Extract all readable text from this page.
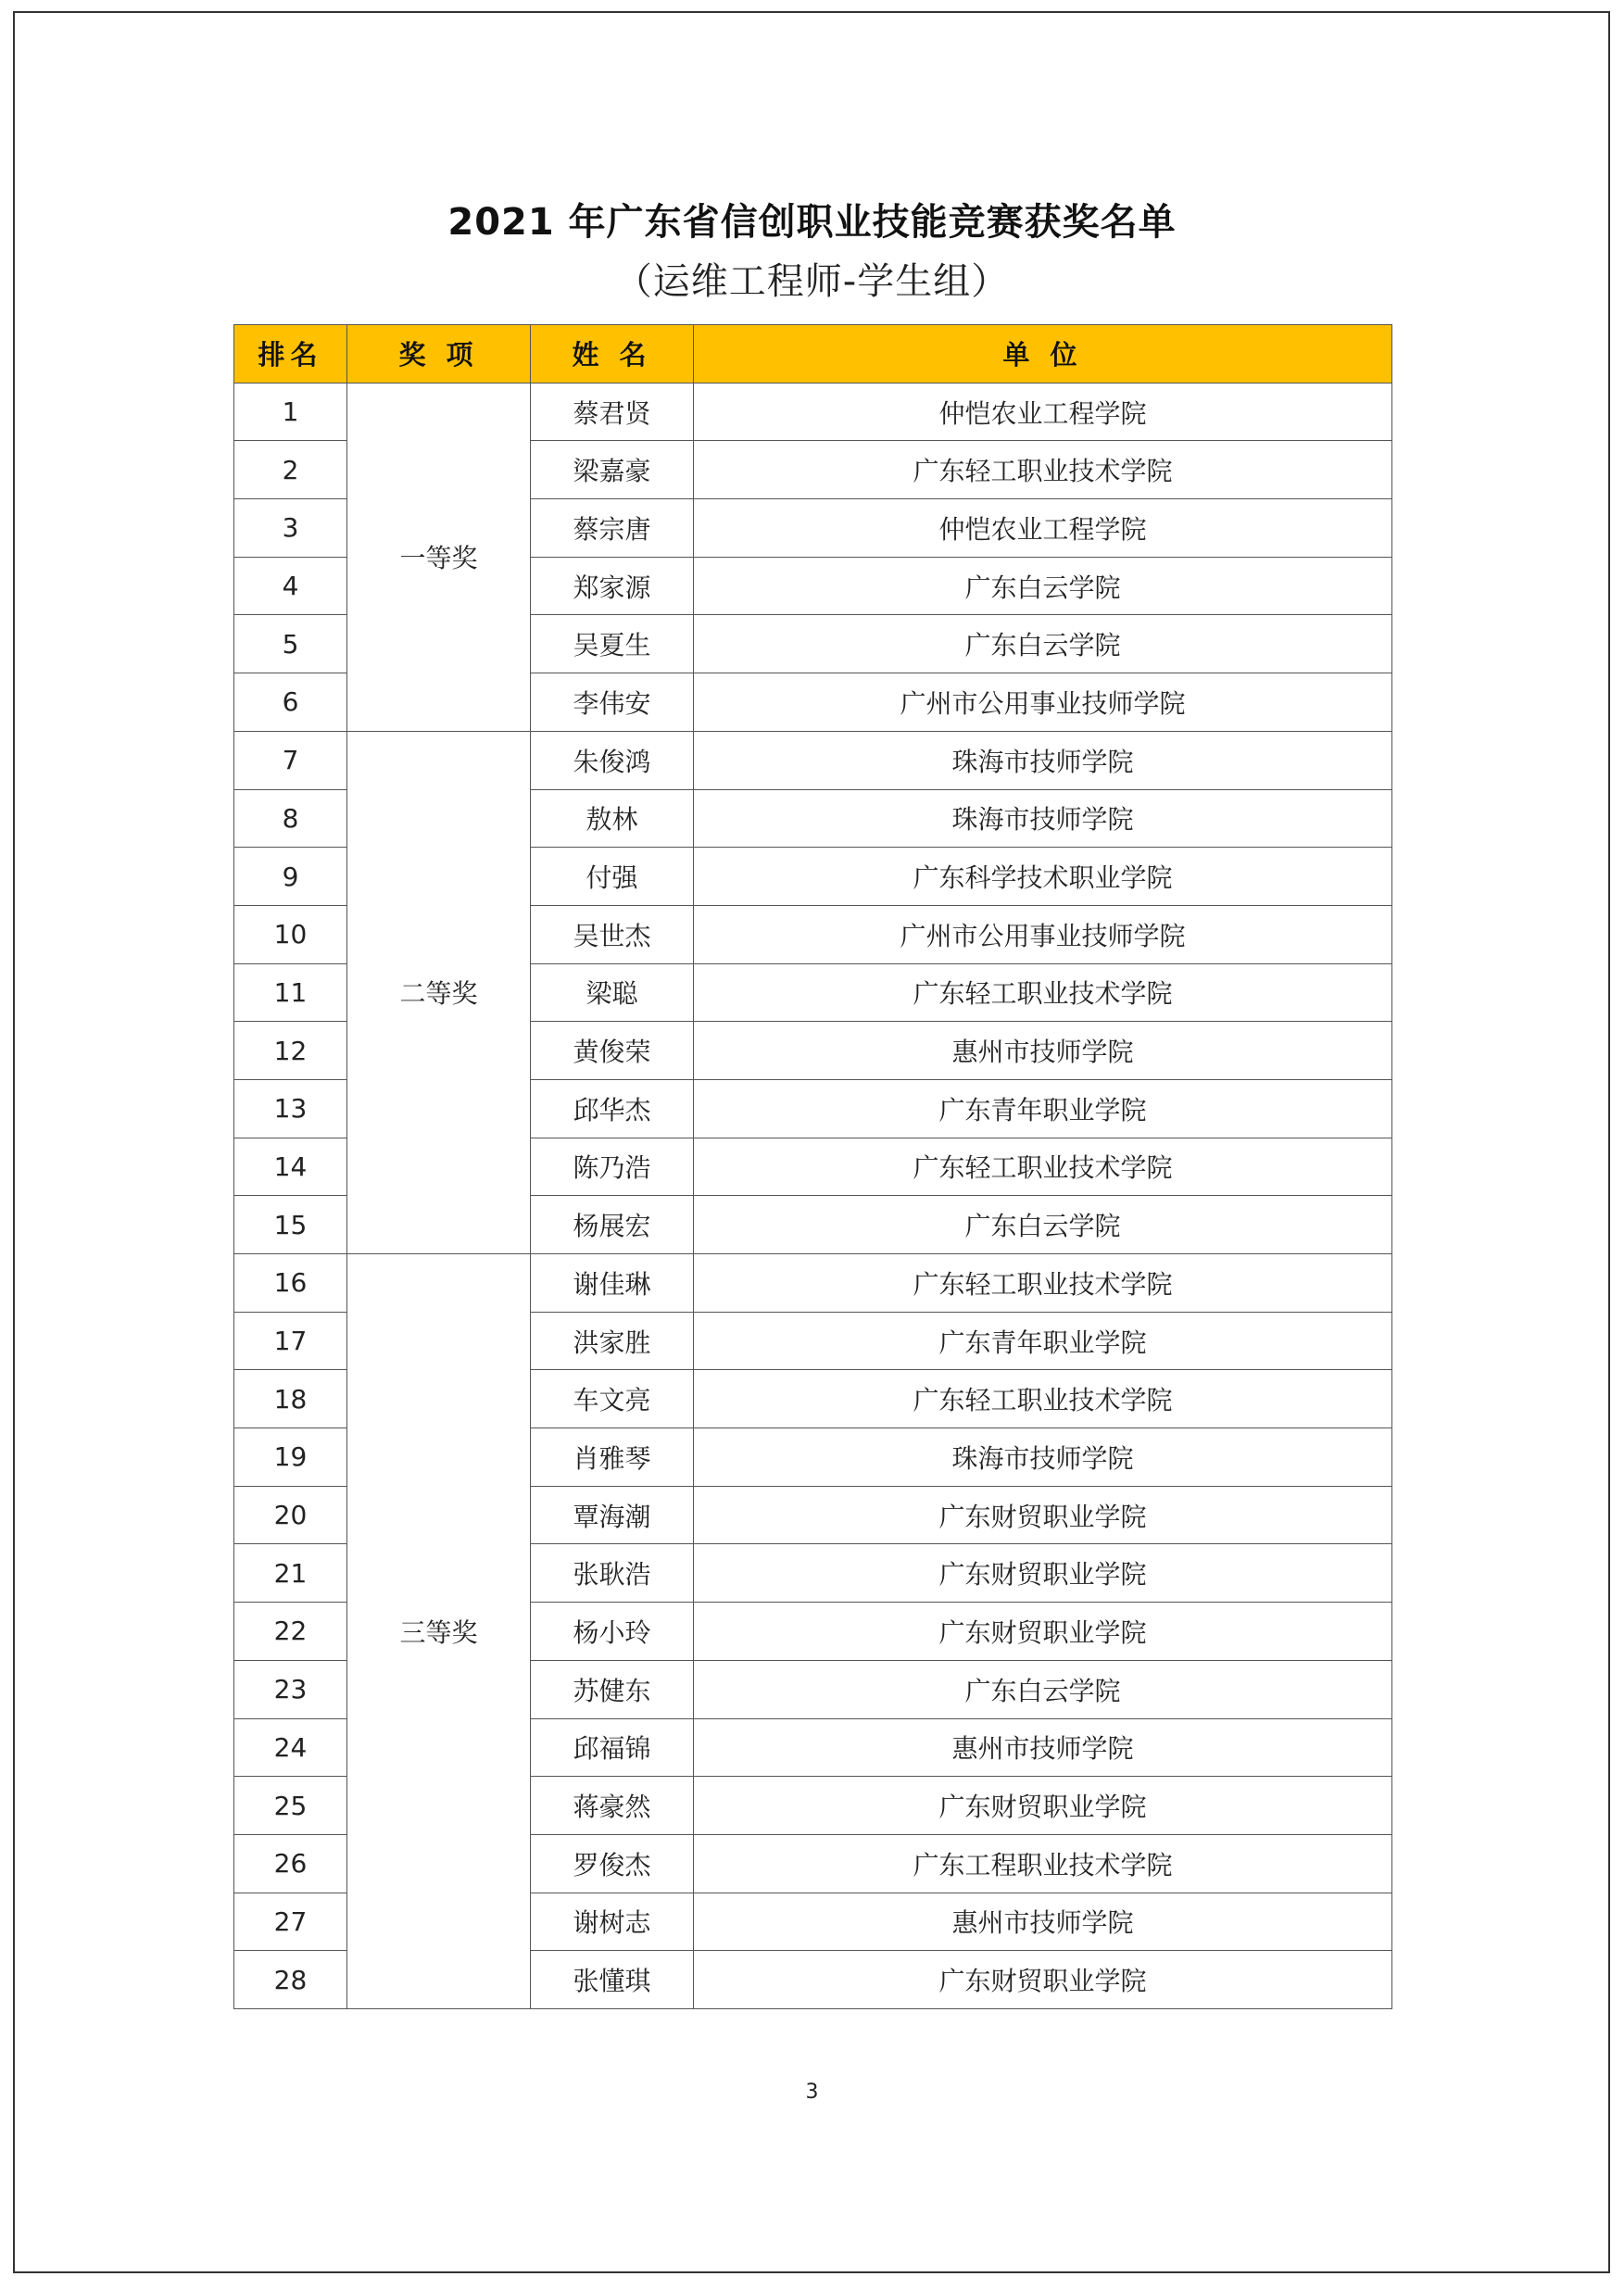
2021 年广东省信创职业技能竞赛获奖名单
（运维工程师-学生组）
排名	奖 项	姓 名	单 位
1	一等奖	蔡君贤	仲恺农业工程学院
2		梁嘉豪	广东轻工职业技术学院
3		蔡宗唐	仲恺农业工程学院
4		郑家源	广东白云学院
5		吴夏生	广东白云学院
6		李伟安	广州市公用事业技师学院
7	二等奖	朱俊鸿	珠海市技师学院
8		敖林	珠海市技师学院
9		付强	广东科学技术职业学院
10		吴世杰	广州市公用事业技师学院
11		梁聪	广东轻工职业技术学院
12		黄俊荣	惠州市技师学院
13		邱华杰	广东青年职业学院
14		陈乃浩	广东轻工职业技术学院
15		杨展宏	广东白云学院
16	三等奖	谢佳琳	广东轻工职业技术学院
17		洪家胜	广东青年职业学院
18		车文亮	广东轻工职业技术学院
19		肖雅琴	珠海市技师学院
20		覃海潮	广东财贸职业学院
21		张耿浩	广东财贸职业学院
22		杨小玲	广东财贸职业学院
23		苏健东	广东白云学院
24		邱福锦	惠州市技师学院
25		蒋豪然	广东财贸职业学院
26		罗俊杰	广东工程职业技术学院
27		谢树志	惠州市技师学院
28		张懂琪	广东财贸职业学院
3
